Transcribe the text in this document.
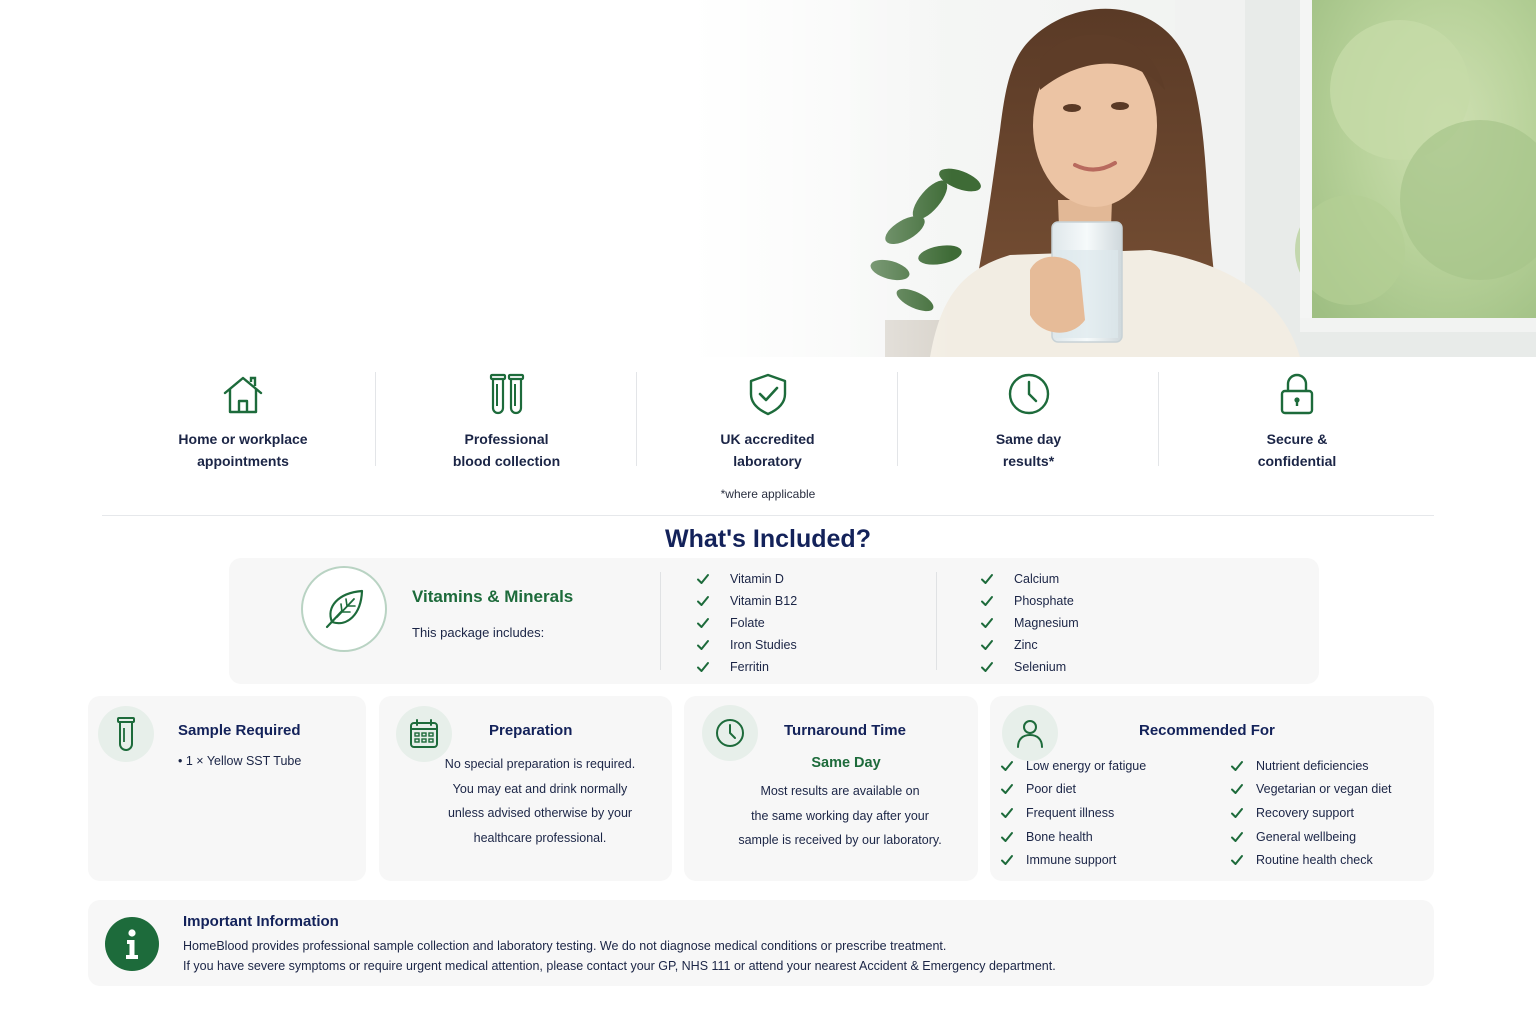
Home or workplace
appointments
Professional
blood collection
UK accredited
laboratory
Same day
results*
Secure &
confidential
*where applicable
What's Included?
Vitamins & Minerals
This package includes:
Vitamin D
Vitamin B12
Folate
Iron Studies
Ferritin
Calcium
Phosphate
Magnesium
Zinc
Selenium
Sample Required
• 1 × Yellow SST Tube
Preparation
No special preparation is required.
You may eat and drink normally
unless advised otherwise by your
healthcare professional.
Turnaround Time
Same Day
Most results are available on
the same working day after your
sample is received by our laboratory.
Recommended For
Low energy or fatigue
Poor diet
Frequent illness
Bone health
Immune support
Nutrient deficiencies
Vegetarian or vegan diet
Recovery support
General wellbeing
Routine health check
Important Information
HomeBlood provides professional sample collection and laboratory testing. We do not diagnose medical conditions or prescribe treatment.
If you have severe symptoms or require urgent medical attention, please contact your GP, NHS 111 or attend your nearest Accident & Emergency department.
